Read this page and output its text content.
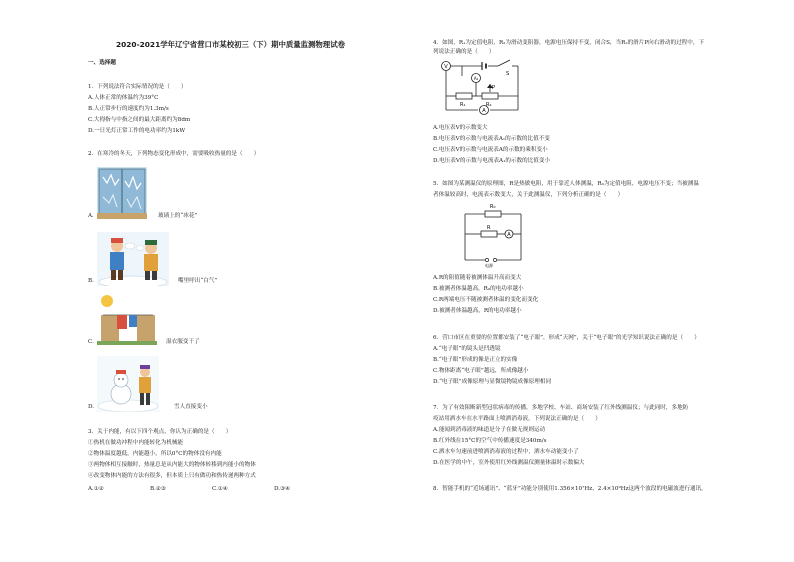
2020-2021学年辽宁省营口市某校初三（下）期中质量监测物理试卷
一、选择题
1．下列说法符合实际情况的是（　　）
A.人体正常的体温约为39°C
B.人正常步行的速度约为1.3m/s
C.大拇指与中指之间的最大距离约为8dm
D.一日光灯正常工作的电功率约为1kW
2．在寒冷的冬天，下列物态变化形成中，需要吸收热量的是（　　）
A.	玻璃上的“冰花”
B.	嘴里呼出“白气”
C.	湿衣服变干了
D.	雪人直接变小
3．关于内能，有以下四个观点，你认为正确的是（　　）
①热机在做功冲程中内能转化为机械能
②物体温度越低，内能越小，所以0°C的物体没有内能
③两物体相互接触时，热量总是从内能大的物体转移到内能小的物体
④改变物体内能的方法有很多，但本质上只有做功和热传递两种方式
A.①②	B.②③	C.①④	D.③④
4．如图，R₁为定值电阻，R₂为滑动变阻器，电源电压保持不变，闭合S，当R₂的滑片P向右滑动的过程中，下
列说法正确的是（　　）
V
A₁
A
S
P
R₁	R₂
A.电压表V的示数变大
B.电压表V的示数与电流表A₁的示数的比值不变
C.电压表V的示数与电流表A的示数的乘积变小
D.电压表V的示数与电流表A₁的示数的比值变小
5．如图为某测温仪的原理图，R是热敏电阻，用于靠近人体测温，R₀为定值电阻，电源电压不变；当被测温
者体温较高时，电流表示数变大，关于此测温仪，下列分析正确的是（　　）
A
R₀
R
电源
A.R的阻值随着被测体温升高而变大
B.被测者体温越高，R₀的电功率越小
C.R两端电压不随被测者体温的变化而变化
D.被测者体温越高，R的电功率越小
6．营口市区在重要的位置都安装了“电子眼”，形成“天网”，关于“电子眼”的光学知识说法正确的是（　　）
A.“电子眼”的镜头是凹透镜
B.“电子眼”形成的像是正立的实像
C.物体距离“电子眼”越远，所成像越小
D.“电子眼”成像原理与显微镜物镜成像原理相同
7．为了有效阻断新型冠状病毒的传播，多地学校、车站、商场安装了红外线测温仪；与此同时，多地防
疫站用洒水车在水平路面上喷洒消毒液，下列说法正确的是（　　）
A.能闻到消毒液的味道是分子在做无规则运动
B.红外线在15°C的空气中传播速度是340m/s
C.洒水车匀速前进喷洒消毒液的过程中，洒水车动能变小了
D.在医学的中午，室外使用红外线测温仪测量体温时示数偏大
8．智能手机的“近场通讯”、“蓝牙”功能分别使用1.356×10⁷Hz、2.4×10⁹Hz这两个波段的电磁波进行通讯。
